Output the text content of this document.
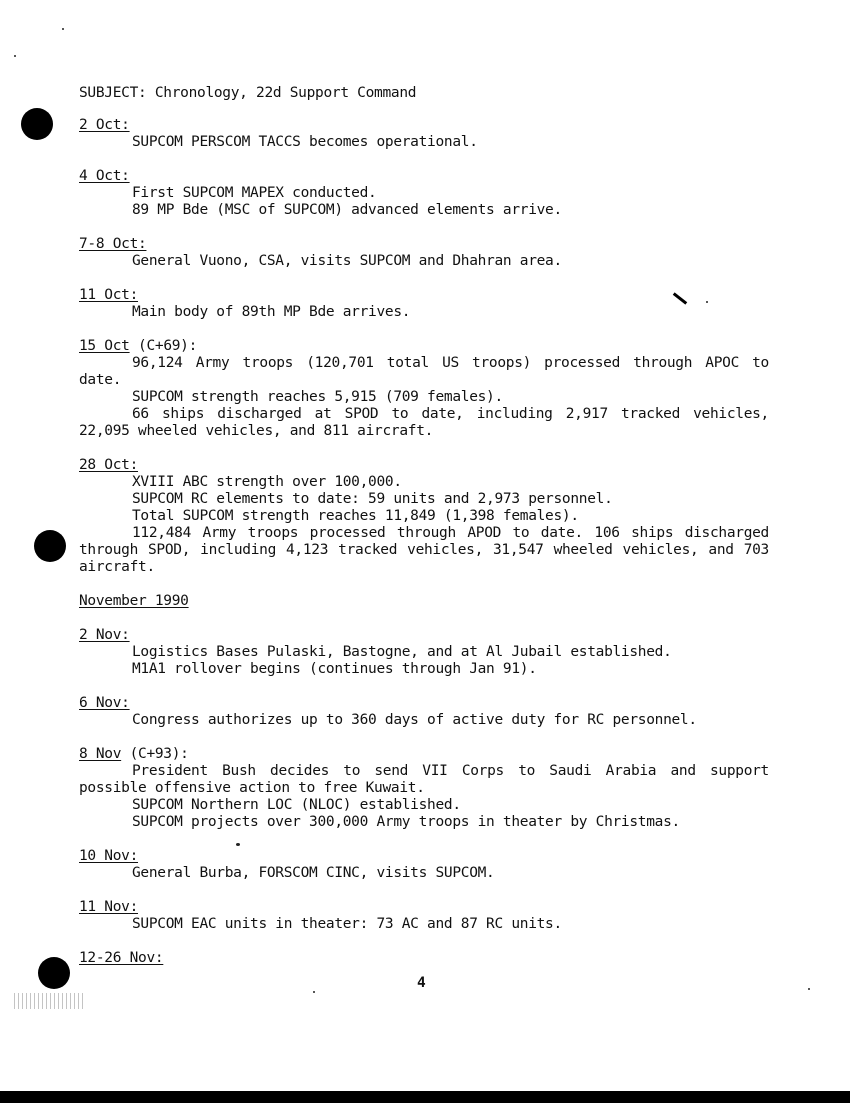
SUBJECT: Chronology, 22d Support Command
2 Oct:
SUPCOM PERSCOM TACCS becomes operational.
4 Oct:
First SUPCOM MAPEX conducted.
89 MP Bde (MSC of SUPCOM) advanced elements arrive.
7-8 Oct:
General Vuono, CSA, visits SUPCOM and Dhahran area.
11 Oct:
Main body of 89th MP Bde arrives.
15 Oct (C+69):
96,124 Army troops (120,701 total US troops) processed through APOC to date.
SUPCOM strength reaches 5,915 (709 females).
66 ships discharged at SPOD to date, including 2,917 tracked vehicles, 22,095 wheeled vehicles, and 811 aircraft.
28 Oct:
XVIII ABC strength over 100,000.
SUPCOM RC elements to date: 59 units and 2,973 personnel.
Total SUPCOM strength reaches 11,849 (1,398 females).
112,484 Army troops processed through APOD to date. 106 ships discharged through SPOD, including 4,123 tracked vehicles, 31,547 wheeled vehicles, and 703 aircraft.
November 1990
2 Nov:
Logistics Bases Pulaski, Bastogne, and at Al Jubail established.
M1A1 rollover begins (continues through Jan 91).
6 Nov:
Congress authorizes up to 360 days of active duty for RC personnel.
8 Nov (C+93):
President Bush decides to send VII Corps to Saudi Arabia and support possible offensive action to free Kuwait.
SUPCOM Northern LOC (NLOC) established.
SUPCOM projects over 300,000 Army troops in theater by Christmas.
10 Nov:
General Burba, FORSCOM CINC, visits SUPCOM.
11 Nov:
SUPCOM EAC units in theater: 73 AC and 87 RC units.
12-26 Nov:
4
